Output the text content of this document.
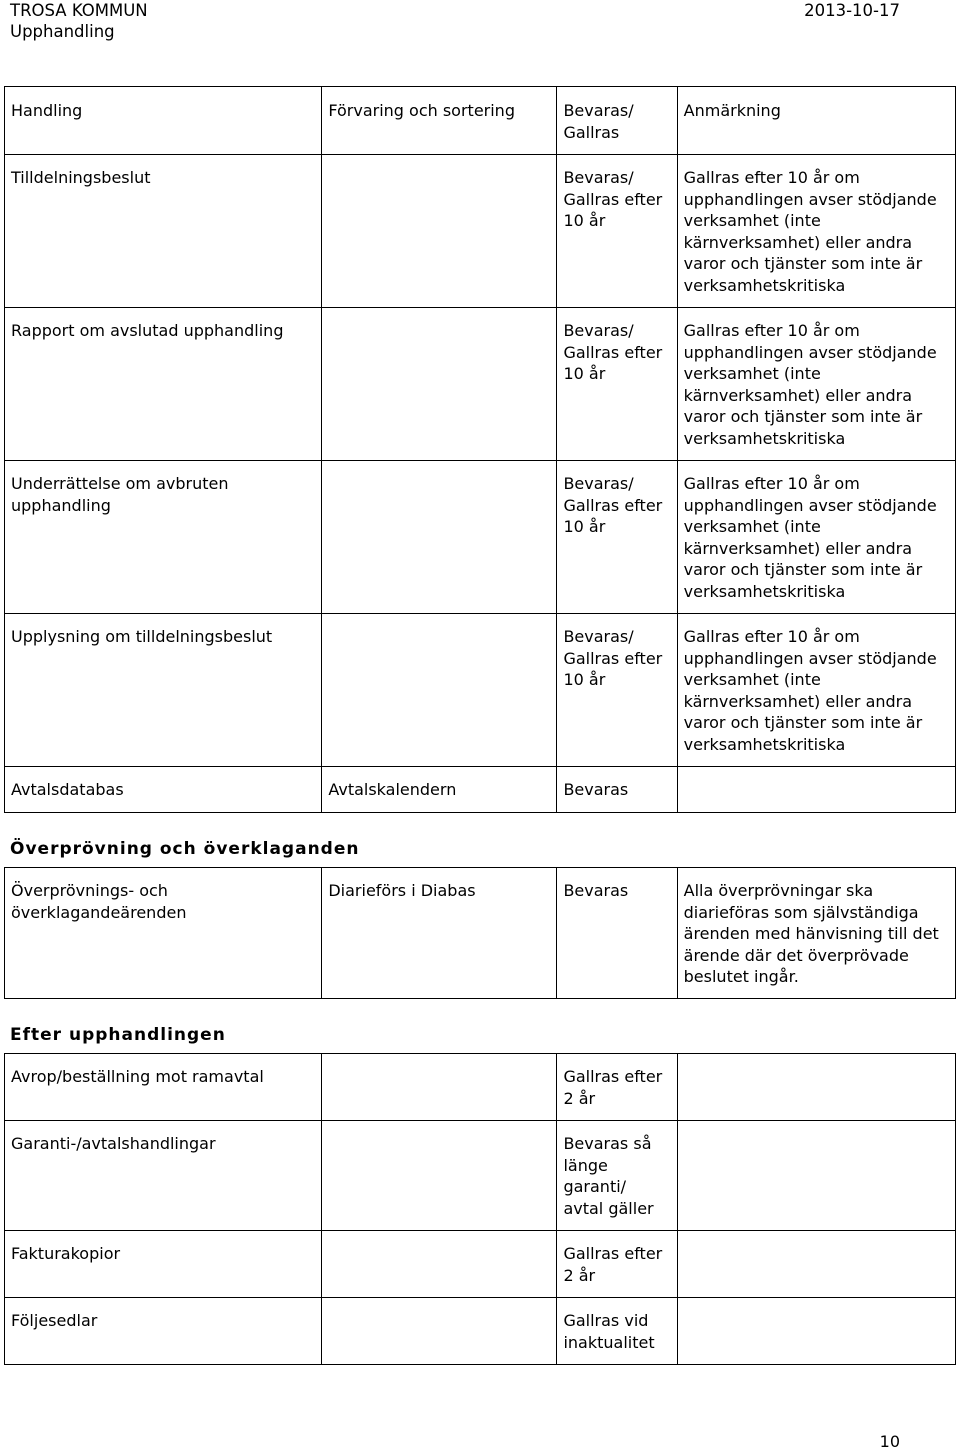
TROSA KOMMUN
Upphandling
2013-10-17
Handling	Förvaring och sortering	Bevaras/
Gallras	Anmärkning
Tilldelningsbeslut		Bevaras/
Gallras efter
10 år	Gallras efter 10 år om upphandlingen avser stödjande verksamhet (inte kärnverksamhet) eller andra varor och tjänster som inte är verksamhetskritiska
Rapport om avslutad upphandling		Bevaras/
Gallras efter
10 år	Gallras efter 10 år om upphandlingen avser stödjande verksamhet (inte kärnverksamhet) eller andra varor och tjänster som inte är verksamhetskritiska
Underrättelse om avbruten upphandling		Bevaras/
Gallras efter
10 år	Gallras efter 10 år om upphandlingen avser stödjande verksamhet (inte kärnverksamhet) eller andra varor och tjänster som inte är verksamhetskritiska
Upplysning om tilldelningsbeslut		Bevaras/
Gallras efter
10 år	Gallras efter 10 år om upphandlingen avser stödjande verksamhet (inte kärnverksamhet) eller andra varor och tjänster som inte är verksamhetskritiska
Avtalsdatabas	Avtalskalendern	Bevaras	
Överprövning och överklaganden
Överprövnings- och överklagandeärenden	Diarieförs i Diabas	Bevaras	Alla överprövningar ska diarieföras som självständiga ärenden med hänvisning till det ärende där det överprövade beslutet ingår.
Efter upphandlingen
Avrop/beställning mot ramavtal		Gallras efter
2 år	
Garanti-/avtalshandlingar		Bevaras så
länge
garanti/
avtal gäller	
Fakturakopior		Gallras efter
2 år	
Följesedlar		Gallras vid
inaktualitet	
10
